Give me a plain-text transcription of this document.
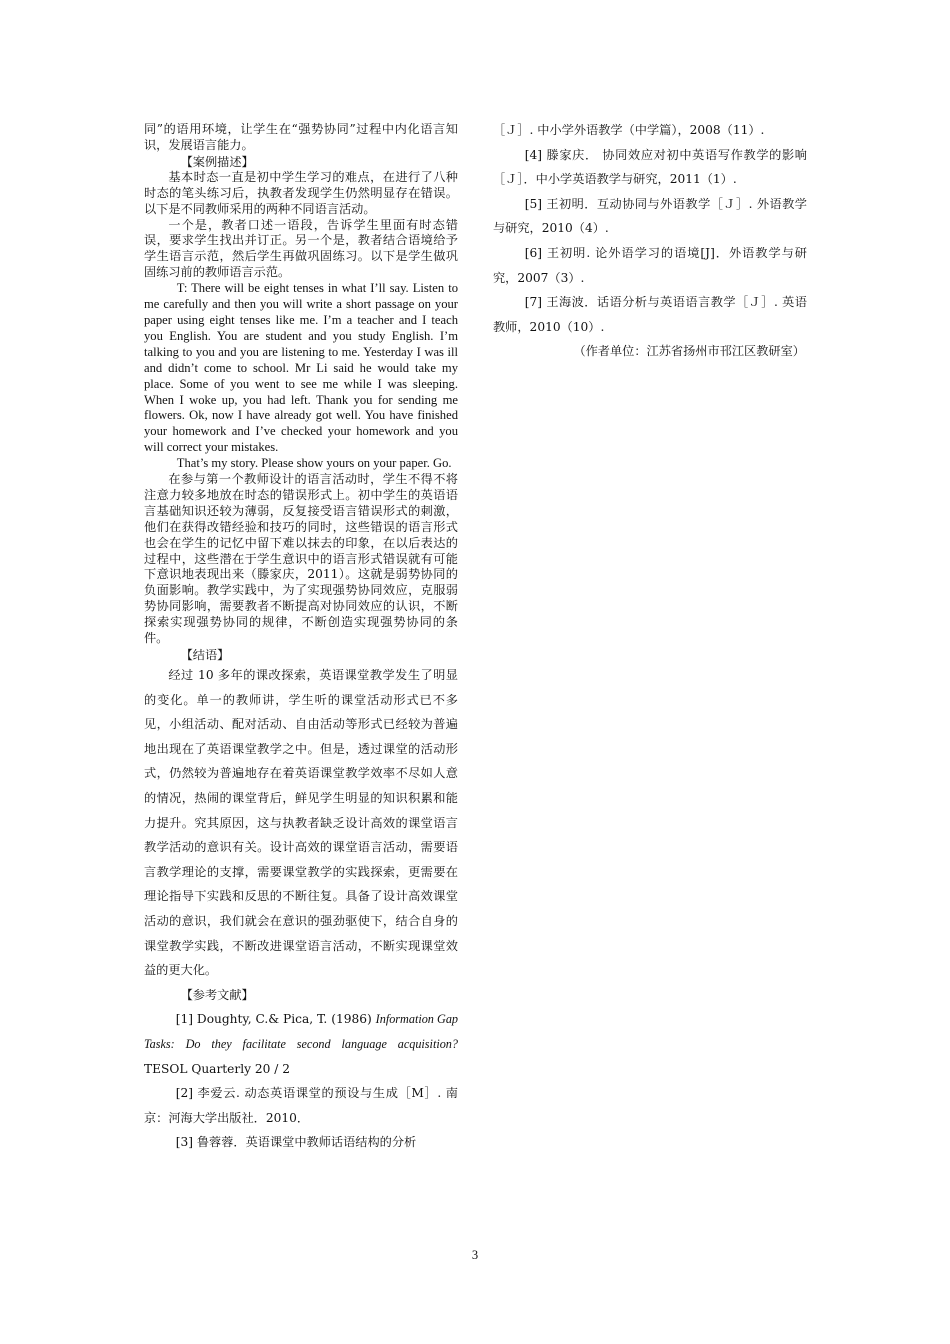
同”的语用环境，让学生在“强势协同”过程中内化语言知识，发展语言能力。

【案例描述】

基本时态一直是初中学生学习的难点，在进行了八种时态的笔头练习后，执教者发现学生仍然明显存在错误。以下是不同教师采用的两种不同语言活动。

一个是，教者口述一语段，告诉学生里面有时态错误，要求学生找出并订正。另一个是，教者结合语境给予学生语言示范，然后学生再做巩固练习。以下是学生做巩固练习前的教师语言示范。

T: There will be eight tenses in what I’ll say. Listen to me carefully and then you will write a short passage on your paper using eight tenses like me. I’m a teacher and I teach you English. You are student and you study English. I’m talking to you and you are listening to me. Yesterday I was ill and didn’t come to school. Mr Li said he would take my place. Some of you went to see me while I was sleeping. When I woke up, you had left. Thank you for sending me flowers. Ok, now I have already got well. You have finished your homework and I’ve checked your homework and you will correct your mistakes.

That’s my story. Please show yours on your paper. Go.

在参与第一个教师设计的语言活动时，学生不得不将注意力较多地放在时态的错误形式上。初中学生的英语语言基础知识还较为薄弱，反复接受语言错误形式的刺激，他们在获得改错经验和技巧的同时，这些错误的语言形式也会在学生的记忆中留下难以抹去的印象，在以后表达的过程中，这些潜在于学生意识中的语言形式错误就有可能下意识地表现出来（滕家庆，2011）。这就是弱势协同的负面影响。教学实践中，为了实现强势协同效应，克服弱势协同影响，需要教者不断提高对协同效应的认识，不断探索实现强势协同的规律，不断创造实现强势协同的条件。

【结语】

经过 10 多年的课改探索，英语课堂教学发生了明显的变化。单一的教师讲，学生听的课堂活动形式已不多见，小组活动、配对活动、自由活动等形式已经较为普遍地出现在了英语课堂教学之中。但是，透过课堂的活动形式，仍然较为普遍地存在着英语课堂教学效率不尽如人意的情况，热闹的课堂背后，鲜见学生明显的知识积累和能力提升。究其原因，这与执教者缺乏设计高效的课堂语言教学活动的意识有关。设计高效的课堂语言活动，需要语言教学理论的支撑，需要课堂教学的实践探索，更需要在理论指导下实践和反思的不断往复。具备了设计高效课堂活动的意识，我们就会在意识的强劲驱使下，结合自身的课堂教学实践，不断改进课堂语言活动，不断实现课堂效益的更大化。

【参考文献】

[1] Doughty, C.& Pica, T. (1986) Information Gap Tasks: Do they facilitate second language acquisition? TESOL Quarterly 20 / 2

[2] 李爱云. 动态英语课堂的预设与生成［M］. 南京：河海大学出版社．2010．

[3] 鲁蓉蓉．英语课堂中教师话语结构的分析

［Ｊ］. 中小学外语教学（中学篇），2008（11）.

[4] 滕家庆． 协同效应对初中英语写作教学的影响［Ｊ］．中小学英语教学与研究，2011（1）.

[5] 王初明．互动协同与外语教学［Ｊ］. 外语教学与研究，2010（4）.

[6] 王初明. 论外语学习的语境[J]．外语教学与研究，2007（3）.

[7] 王海波．话语分析与英语语言教学［Ｊ］. 英语教师，2010（10）.

（作者单位：江苏省扬州市邗江区教研室）

3
